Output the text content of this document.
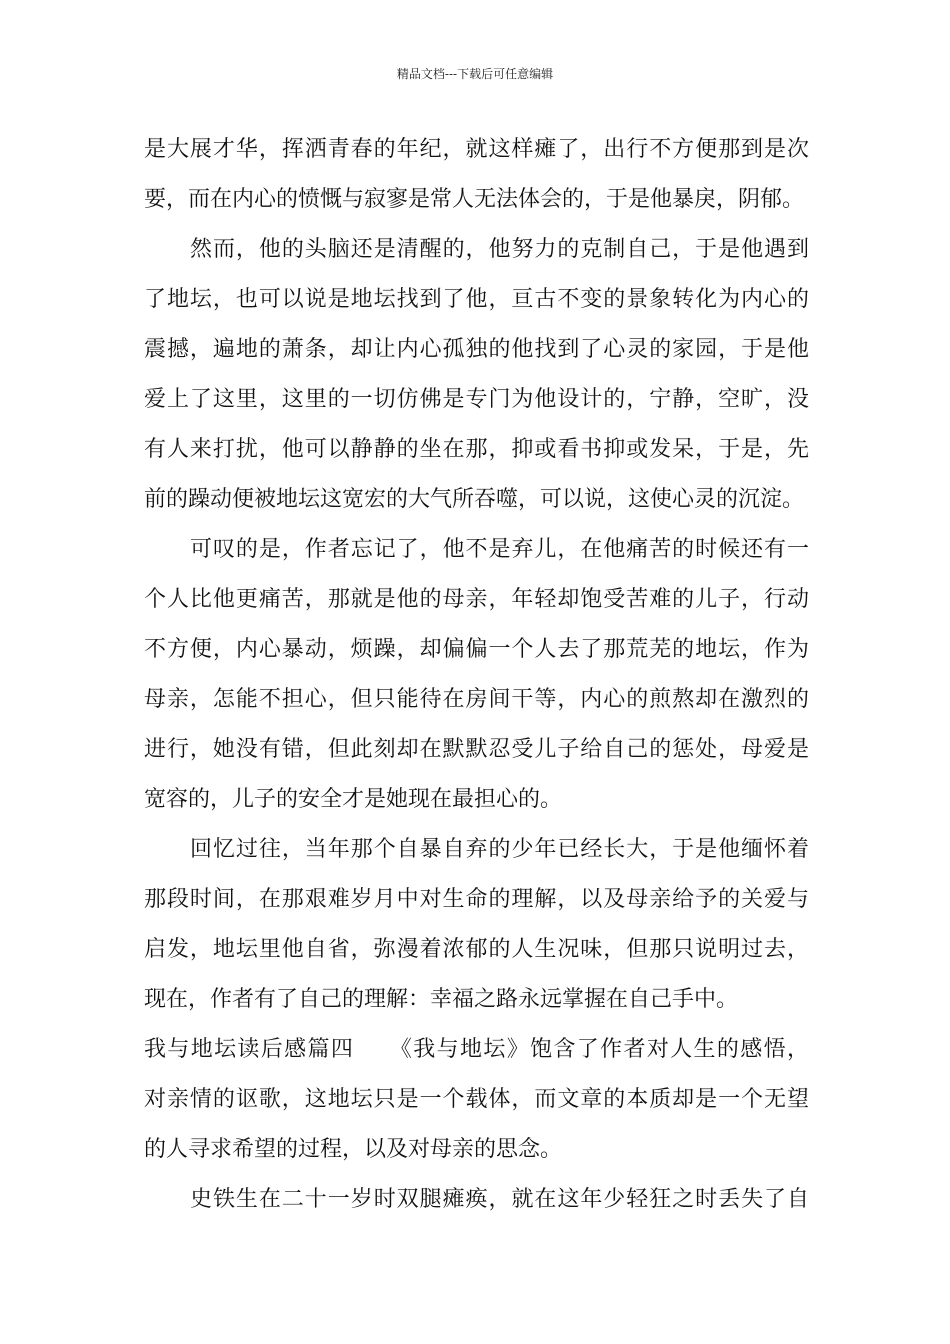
精品文档---下载后可任意编辑
是大展才华，挥洒青春的年纪，就这样瘫了，出行不方便那到是次
要，而在内心的愤慨与寂寥是常人无法体会的，于是他暴戾，阴郁。
然而，他的头脑还是清醒的，他努力的克制自己，于是他遇到
了地坛，也可以说是地坛找到了他，亘古不变的景象转化为内心的
震撼，遍地的萧条，却让内心孤独的他找到了心灵的家园，于是他
爱上了这里，这里的一切仿佛是专门为他设计的，宁静，空旷，没
有人来打扰，他可以静静的坐在那，抑或看书抑或发呆，于是，先
前的躁动便被地坛这宽宏的大气所吞噬，可以说，这使心灵的沉淀。
可叹的是，作者忘记了，他不是弃儿，在他痛苦的时候还有一
个人比他更痛苦，那就是他的母亲，年轻却饱受苦难的儿子，行动
不方便，内心暴动，烦躁，却偏偏一个人去了那荒芜的地坛，作为
母亲，怎能不担心，但只能待在房间干等，内心的煎熬却在激烈的
进行，她没有错，但此刻却在默默忍受儿子给自己的惩处，母爱是
宽容的，儿子的安全才是她现在最担心的。
回忆过往，当年那个自暴自弃的少年已经长大，于是他缅怀着
那段时间，在那艰难岁月中对生命的理解，以及母亲给予的关爱与
启发，地坛里他自省，弥漫着浓郁的人生况味，但那只说明过去，
现在，作者有了自己的理解：幸福之路永远掌握在自己手中。
我与地坛读后感篇四　　《我与地坛》饱含了作者对人生的感悟，
对亲情的讴歌，这地坛只是一个载体，而文章的本质却是一个无望
的人寻求希望的过程，以及对母亲的思念。
史铁生在二十一岁时双腿瘫痪，就在这年少轻狂之时丢失了自
